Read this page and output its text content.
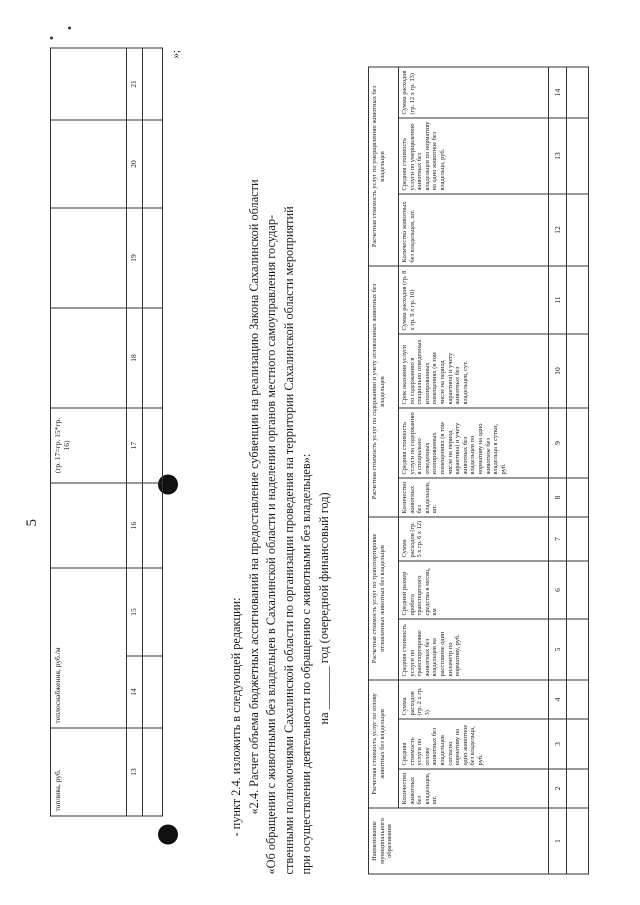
5
топлива, руб.	теплоснабжения, руб./м			(гр. 17=гр. 15*гр. 16)				
13	14	15	16	17	18	19	20	21

»;

- пункт 2.4. изложить в следующей редакции: «2.4. Расчет объема бюджетных ассигнований на предоставление субвенции на реализацию Закона Сахалинской области «Об обращении с животными без владельцев в Сахалинской области и наделении органов местного самоуправления государ- ственными полномочиями Сахалинской области по организации проведения на территории Сахалинской области мероприятий при осуществлении деятельности по обращению с животными без владельцев»: на _______ год (очередной финансовый год)

Наименование муниципального образования	Расчетная стоимость услуг по отлову животных без владельцев			Расчетная стоимость услуг по транспортировке отловленных животных без владельцев			Расчетная стоимость услуг по содержанию и учету отловленных животных без владельцев				Расчетная стоимость услуг по умерщвлению животных без владельцев		
	Количество животных без владельцев, шт.	Средняя стоимость услуги по отлову животных без владельцев согласно нормативу на одно животное без владельца, руб.	Сумма расходов (гр. 2 х гр. 3)	Средняя стоимость услуги по транспортировке животных без владельцев на расстояние один километр по нормативу, руб.	Средний размер пробега транспортного средства в месяц, км	Сумма расходов (гр. 5 х гр. 6 х 12)	Количество животных без владельцев, шт.	Средняя стоимость услуги по содержанию в специально отведенных изолированных помещениях (в том числе на период карантина) и учету животных без владельцев по нормативу на одно животное без владельца в сутки, руб.	Срок оказания услуги по содержанию в специально отведенных изолированных помещениях (в том числе на период карантина) и учету животных без владельцев, сут.	Сумма расходов (гр. 8 х гр. 9 х гр. 10)	Количество животных без владельцев, шт.	Средняя стоимость услуги по умерщвлению животных без владельцев по нормативу на одно животное без владельца, руб.	Сумма расходов (гр. 12 х гр. 13)
1	2	3	4	5	6	7	8	9	10	11	12	13	14
